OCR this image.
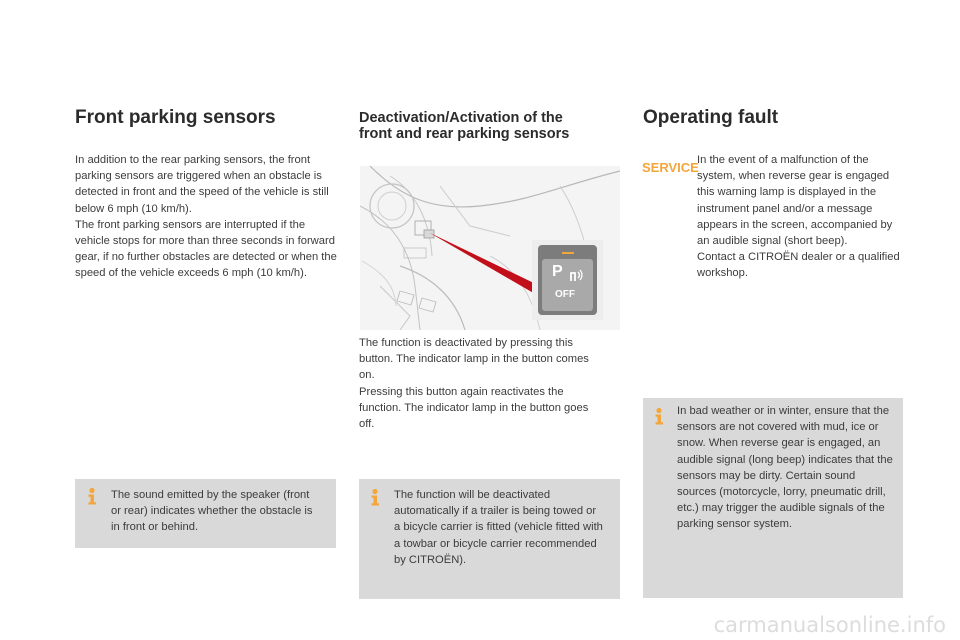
Front parking sensors

In addition to the rear parking sensors, the front parking sensors are triggered when an obstacle is detected in front and the speed of the vehicle is still below 6 mph (10 km/h).

The front parking sensors are interrupted if the vehicle stops for more than three seconds in forward gear, if no further obstacles are detected or when the speed of the vehicle exceeds 6 mph (10 km/h).

The sound emitted by the speaker (front or rear) indicates whether the obstacle is in front or behind.
Deactivation/Activation of the
front and rear parking sensors
P
OFF

The function is deactivated by pressing this button. The indicator lamp in the button comes on.

Pressing this button again reactivates the function. The indicator lamp in the button goes off.

The function will be deactivated automatically if a trailer is being towed or a bicycle carrier is fitted (vehicle fitted with a towbar or bicycle carrier recommended by CITROËN).
Operating fault
SERVICE

In the event of a malfunction of the system, when reverse gear is engaged this warning lamp is displayed in the instrument panel and/or a message appears in the screen, accompanied by an audible signal (short beep).

Contact a CITROËN dealer or a qualified workshop.

In bad weather or in winter, ensure that the sensors are not covered with mud, ice or snow. When reverse gear is engaged, an audible signal (long beep) indicates that the sensors may be dirty. Certain sound sources (motorcycle, lorry, pneumatic drill, etc.) may trigger the audible signals of the parking sensor system.
carmanualsonline.info
